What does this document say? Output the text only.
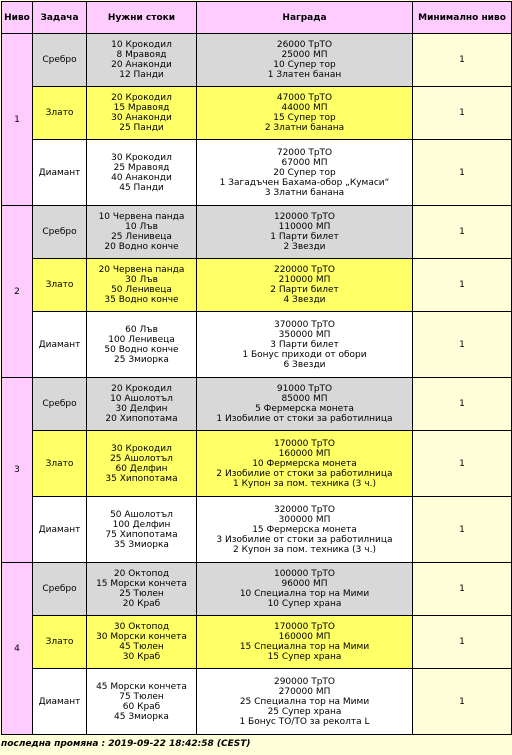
Ниво	Задача	Нужни стоки	Награда	Минимално ниво
1	Сребро	10 Крокодил
8 Мравояд
20 Анаконди
12 Панди	26000 ТрТО
25000 МП
10 Супер тор
1 Златен банан	1
	Злато	20 Крокодил
15 Мравояд
30 Анаконди
25 Панди	47000 ТрТО
44000 МП
15 Супер тор
2 Златни банана	1
	Диамант	30 Крокодил
25 Мравояд
40 Анаконди
45 Панди	72000 ТрТО
67000 МП
20 Супер тор
1 Загадъчен Бахама-обор „Кумаси“
3 Златни банана	1
2	Сребро	10 Червена панда
10 Лъв
25 Ленивеца
20 Водно конче	120000 ТрТО
110000 МП
1 Парти билет
2 Звезди	1
	Злато	20 Червена панда
30 Лъв
50 Ленивеца
35 Водно конче	220000 ТрТО
210000 МП
2 Парти билет
4 Звезди	1
	Диамант	60 Лъв
100 Ленивеца
50 Водно конче
25 Змиорка	370000 ТрТО
350000 МП
3 Парти билет
1 Бонус приходи от обори
6 Звезди	1
3	Сребро	20 Крокодил
10 Ашолотъл
30 Делфин
20 Хипопотама	91000 ТрТО
85000 МП
5 Фермерска монета
1 Изобилие от стоки за работилница	1
	Злато	30 Крокодил
25 Ашолотъл
60 Делфин
35 Хипопотама	170000 ТрТО
160000 МП
10 Фермерска монета
2 Изобилие от стоки за работилница
1 Купон за пом. техника (3 ч.)	1
	Диамант	50 Ашолотъл
100 Делфин
75 Хипопотама
35 Змиорка	320000 ТрТО
300000 МП
15 Фермерска монета
3 Изобилие от стоки за работилница
2 Купон за пом. техника (3 ч.)	1
4	Сребро	20 Октопод
15 Морски кончета
25 Тюлен
20 Краб	100000 ТрТО
96000 МП
10 Специална тор на Мими
10 Супер храна	1
	Злато	30 Октопод
30 Морски кончета
45 Тюлен
30 Краб	170000 ТрТО
160000 МП
15 Специална тор на Мими
15 Супер храна	1
	Диамант	45 Морски кончета
75 Тюлен
60 Краб
45 Змиорка	290000 ТрТО
270000 МП
25 Специална тор на Мими
25 Супер храна
1 Бонус ТО/ТО за реколта L	1
последна промяна : 2019-09-22 18:42:58 (CEST)
